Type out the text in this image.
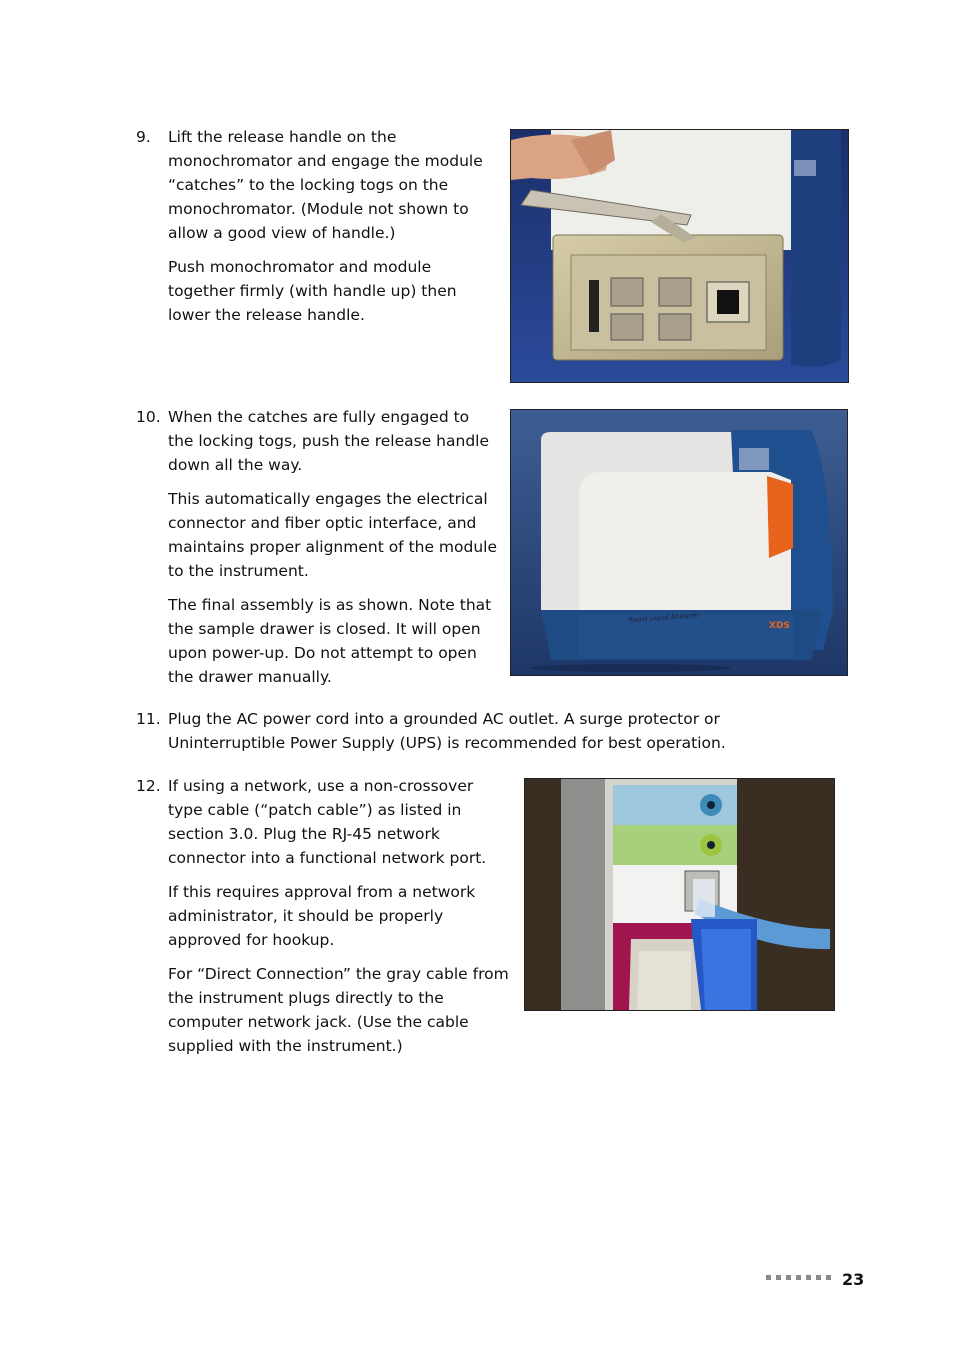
9.	Lift the release handle on the monochromator and engage the module “catches” to the locking togs on the monochromator. (Module not shown to allow a good view of handle.)

Push monochromator and module together firmly (with handle up) then lower the release handle.

10. When the catches are fully engaged to the locking togs, push the release handle down all the way.

This automatically engages the electrical connector and fiber optic interface, and maintains proper alignment of the module to the instrument.

The final assembly is as shown. Note that the sample drawer is closed. It will open upon power-up. Do not attempt to open the drawer manually.

Rapid Liquid Analyzer
XDS
11. Plug the AC power cord into a grounded AC outlet. A surge protector or Uninterruptible Power Supply (UPS) is recommended for best operation.

12. If using a network, use a non-crossover type cable (“patch cable”) as listed in section 3.0. Plug the RJ-45 network connector into a functional network port.

If this requires approval from a network administrator, it should be properly approved for hookup.

For “Direct Connection” the gray cable from the instrument plugs directly to the computer network jack. (Use the cable supplied with the instrument.)

23
